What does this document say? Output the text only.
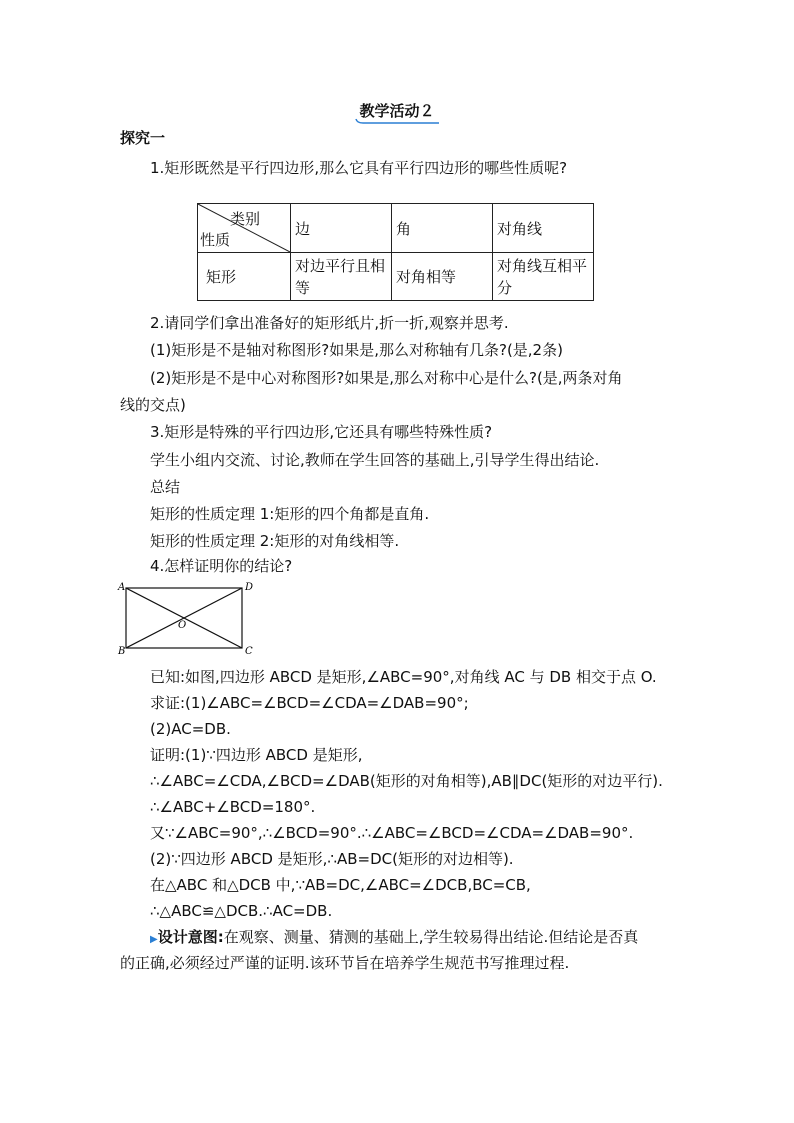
教学活动２
探究一
1.矩形既然是平行四边形,那么它具有平行四边形的哪些性质呢?
类别
性质	边	角	对角线
矩形	对边平行且相等	对角相等	对角线互相平分
2.请同学们拿出准备好的矩形纸片,折一折,观察并思考.
(1)矩形是不是轴对称图形?如果是,那么对称轴有几条?(是,2条)
(2)矩形是不是中心对称图形?如果是,那么对称中心是什么?(是,两条对角
线的交点)
3.矩形是特殊的平行四边形,它还具有哪些特殊性质?
学生小组内交流、讨论,教师在学生回答的基础上,引导学生得出结论.
总结
矩形的性质定理 1:矩形的四个角都是直角.
矩形的性质定理 2:矩形的对角线相等.
4.怎样证明你的结论?
A	D
B	C
O
已知:如图,四边形 ABCD 是矩形,∠ABC=90°,对角线 AC 与 DB 相交于点 O.
求证:(1)∠ABC=∠BCD=∠CDA=∠DAB=90°;
(2)AC=DB.
证明:(1)∵四边形 ABCD 是矩形,
∴∠ABC=∠CDA,∠BCD=∠DAB(矩形的对角相等),AB∥DC(矩形的对边平行).
∴∠ABC+∠BCD=180°.
又∵∠ABC=90°,∴∠BCD=90°.∴∠ABC=∠BCD=∠CDA=∠DAB=90°.
(2)∵四边形 ABCD 是矩形,∴AB=DC(矩形的对边相等).
在△ABC 和△DCB 中,∵AB=DC,∠ABC=∠DCB,BC=CB,
∴△ABC≌△DCB.∴AC=DB.
▶设计意图:在观察、测量、猜测的基础上,学生较易得出结论.但结论是否真
的正确,必须经过严谨的证明.该环节旨在培养学生规范书写推理过程.
